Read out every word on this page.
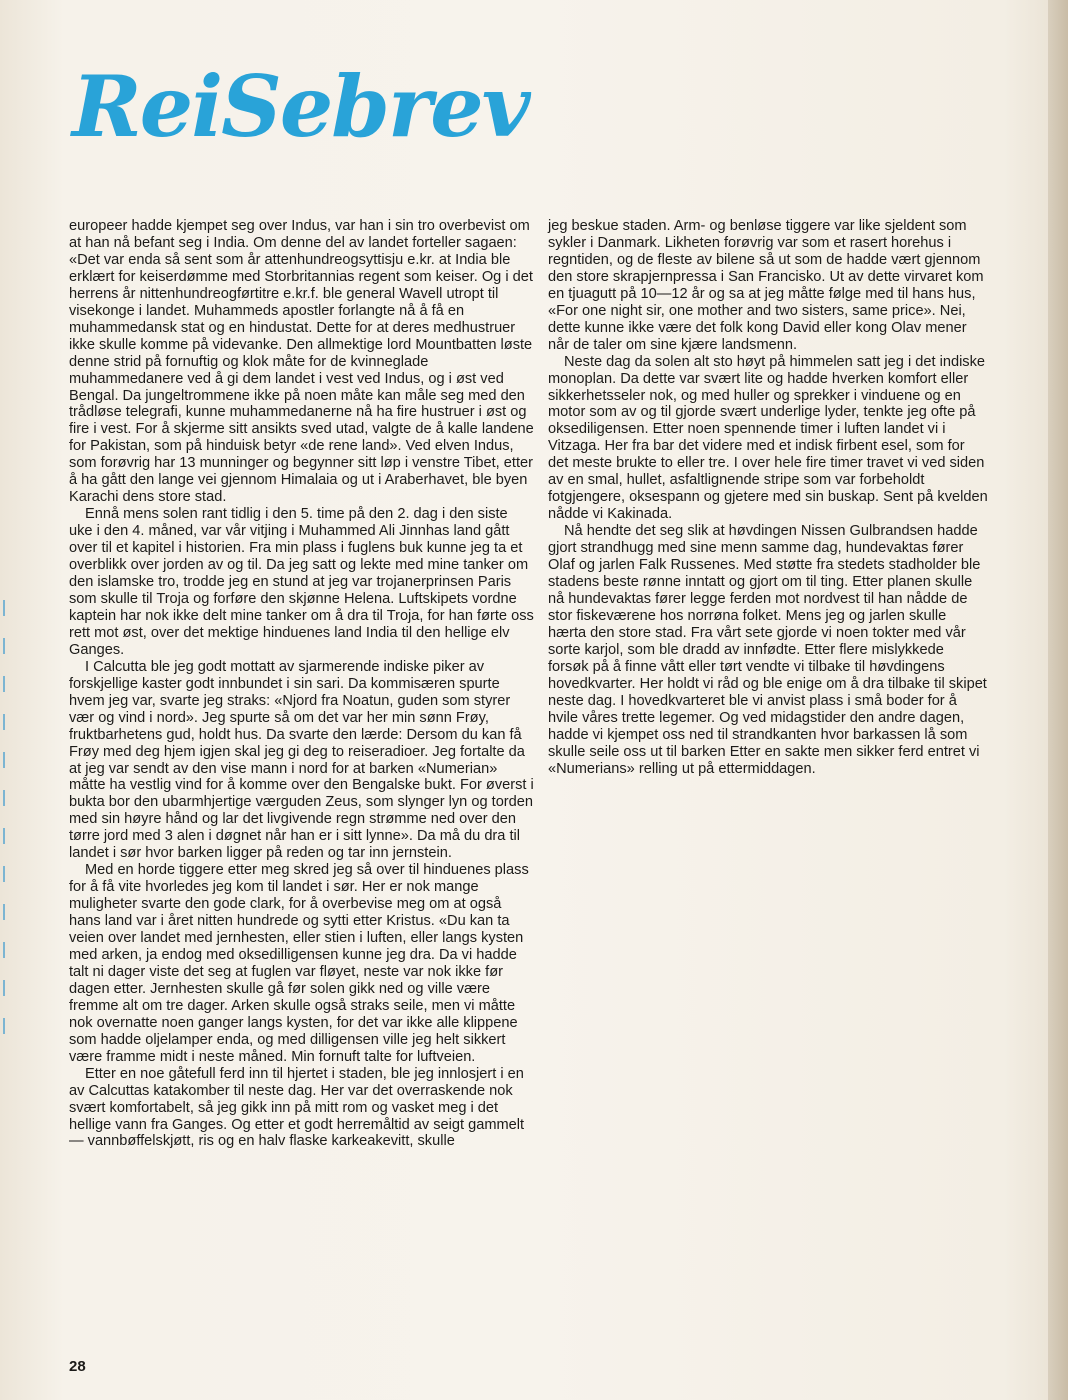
ReiSebrev

europeer hadde kjempet seg over Indus, var han i sin tro overbevist om at han nå befant seg i India. Om denne del av landet forteller sagaen: «Det var enda så sent som år attenhundreogsyttisju e.kr. at India ble erklært for keiserdømme med Storbritannias regent som keiser. Og i det herrens år nittenhundreogførtitre e.kr.f. ble general Wavell utropt til visekonge i landet. Muhammeds apostler forlangte nå å få en muhammedansk stat og en hindustat. Dette for at deres medhustruer ikke skulle komme på videvanke. Den allmektige lord Mountbatten løste denne strid på fornuftig og klok måte for de kvinneglade muhammedanere ved å gi dem landet i vest ved Indus, og i øst ved Bengal. Da jungeltrommene ikke på noen måte kan måle seg med den trådløse telegrafi, kunne muhammedanerne nå ha fire hustruer i øst og fire i vest. For å skjerme sitt ansikts sved utad, valgte de å kalle landene for Pakistan, som på hinduisk betyr «de rene land». Ved elven Indus, som forøvrig har 13 munninger og begynner sitt løp i venstre Tibet, etter å ha gått den lange vei gjennom Himalaia og ut i Araberhavet, ble byen Karachi dens store stad.

Ennå mens solen rant tidlig i den 5. time på den 2. dag i den siste uke i den 4. måned, var vår vitjing i Muhammed Ali Jinnhas land gått over til et kapitel i historien. Fra min plass i fuglens buk kunne jeg ta et overblikk over jorden av og til. Da jeg satt og lekte med mine tanker om den islamske tro, trodde jeg en stund at jeg var trojanerprinsen Paris som skulle til Troja og forføre den skjønne Helena. Luftskipets vordne kaptein har nok ikke delt mine tanker om å dra til Troja, for han førte oss rett mot øst, over det mektige hinduenes land India til den hellige elv Ganges.

I Calcutta ble jeg godt mottatt av sjarmerende indiske piker av forskjellige kaster godt innbundet i sin sari. Da kommisæren spurte hvem jeg var, svarte jeg straks: «Njord fra Noatun, guden som styrer vær og vind i nord». Jeg spurte så om det var her min sønn Frøy, fruktbarhetens gud, holdt hus. Da svarte den lærde: Dersom du kan få Frøy med deg hjem igjen skal jeg gi deg to reiseradioer. Jeg fortalte da at jeg var sendt av den vise mann i nord for at barken «Numerian» måtte ha vestlig vind for å komme over den Bengalske bukt. For øverst i bukta bor den ubarmhjertige værguden Zeus, som slynger lyn og torden med sin høyre hånd og lar det livgivende regn strømme ned over den tørre jord med 3 alen i døgnet når han er i sitt lynne». Da må du dra til landet i sør hvor barken ligger på reden og tar inn jernstein.

Med en horde tiggere etter meg skred jeg så over til hinduenes plass for å få vite hvorledes jeg kom til landet i sør. Her er nok mange muligheter svarte den gode clark, for å overbevise meg om at også hans land var i året nitten hundrede og sytti etter Kristus. «Du kan ta veien over landet med jernhesten, eller stien i luften, eller langs kysten med arken, ja endog med oksedilligensen kunne jeg dra. Da vi hadde talt ni dager viste det seg at fuglen var fløyet, neste var nok ikke før dagen etter. Jernhesten skulle gå før solen gikk ned og ville være fremme alt om tre dager. Arken skulle også straks seile, men vi måtte nok overnatte noen ganger langs kysten, for det var ikke alle klippene som hadde oljelamper enda, og med dilligensen ville jeg helt sikkert være framme midt i neste måned. Min fornuft talte for luftveien.

Etter en noe gåtefull ferd inn til hjertet i staden, ble jeg innlosjert i en av Calcuttas katakomber til neste dag. Her var det overraskende nok svært komfortabelt, så jeg gikk inn på mitt rom og vasket meg i det hellige vann fra Ganges. Og etter et godt herremåltid av seigt gammelt — vannbøffelskjøtt, ris og en halv flaske karkeakevitt, skulle

jeg beskue staden. Arm- og benløse tiggere var like sjeldent som sykler i Danmark. Likheten forøvrig var som et rasert horehus i regntiden, og de fleste av bilene så ut som de hadde vært gjennom den store skrapjernpressa i San Francisko. Ut av dette virvaret kom en tjuagutt på 10—12 år og sa at jeg måtte følge med til hans hus, «For one night sir, one mother and two sisters, same price». Nei, dette kunne ikke være det folk kong David eller kong Olav mener når de taler om sine kjære landsmenn.

Neste dag da solen alt sto høyt på himmelen satt jeg i det indiske monoplan. Da dette var svært lite og hadde hverken komfort eller sikkerhetsseler nok, og med huller og sprekker i vinduene og en motor som av og til gjorde svært underlige lyder, tenkte jeg ofte på oksediligensen. Etter noen spennende timer i luften landet vi i Vitzaga. Her fra bar det videre med et indisk firbent esel, som for det meste brukte to eller tre. I over hele fire timer travet vi ved siden av en smal, hullet, asfaltlignende stripe som var forbeholdt fotgjengere, oksespann og gjetere med sin buskap. Sent på kvelden nådde vi Kakinada.

Nå hendte det seg slik at høvdingen Nissen Gulbrandsen hadde gjort strandhugg med sine menn samme dag, hundevaktas fører Olaf og jarlen Falk Russenes. Med støtte fra stedets stadholder ble stadens beste rønne inntatt og gjort om til ting. Etter planen skulle nå hundevaktas fører legge ferden mot nordvest til han nådde de stor fiskeværene hos norrøna folket. Mens jeg og jarlen skulle hærta den store stad. Fra vårt sete gjorde vi noen tokter med vår sorte karjol, som ble dradd av innfødte. Etter flere mislykkede forsøk på å finne vått eller tørt vendte vi tilbake til høvdingens hovedkvarter. Her holdt vi råd og ble enige om å dra tilbake til skipet neste dag. I hovedkvarteret ble vi anvist plass i små boder for å hvile våres trette legemer. Og ved midagstider den andre dagen, hadde vi kjempet oss ned til strandkanten hvor barkassen lå som skulle seile oss ut til barken Etter en sakte men sikker ferd entret vi «Numerians» relling ut på ettermiddagen.

28
